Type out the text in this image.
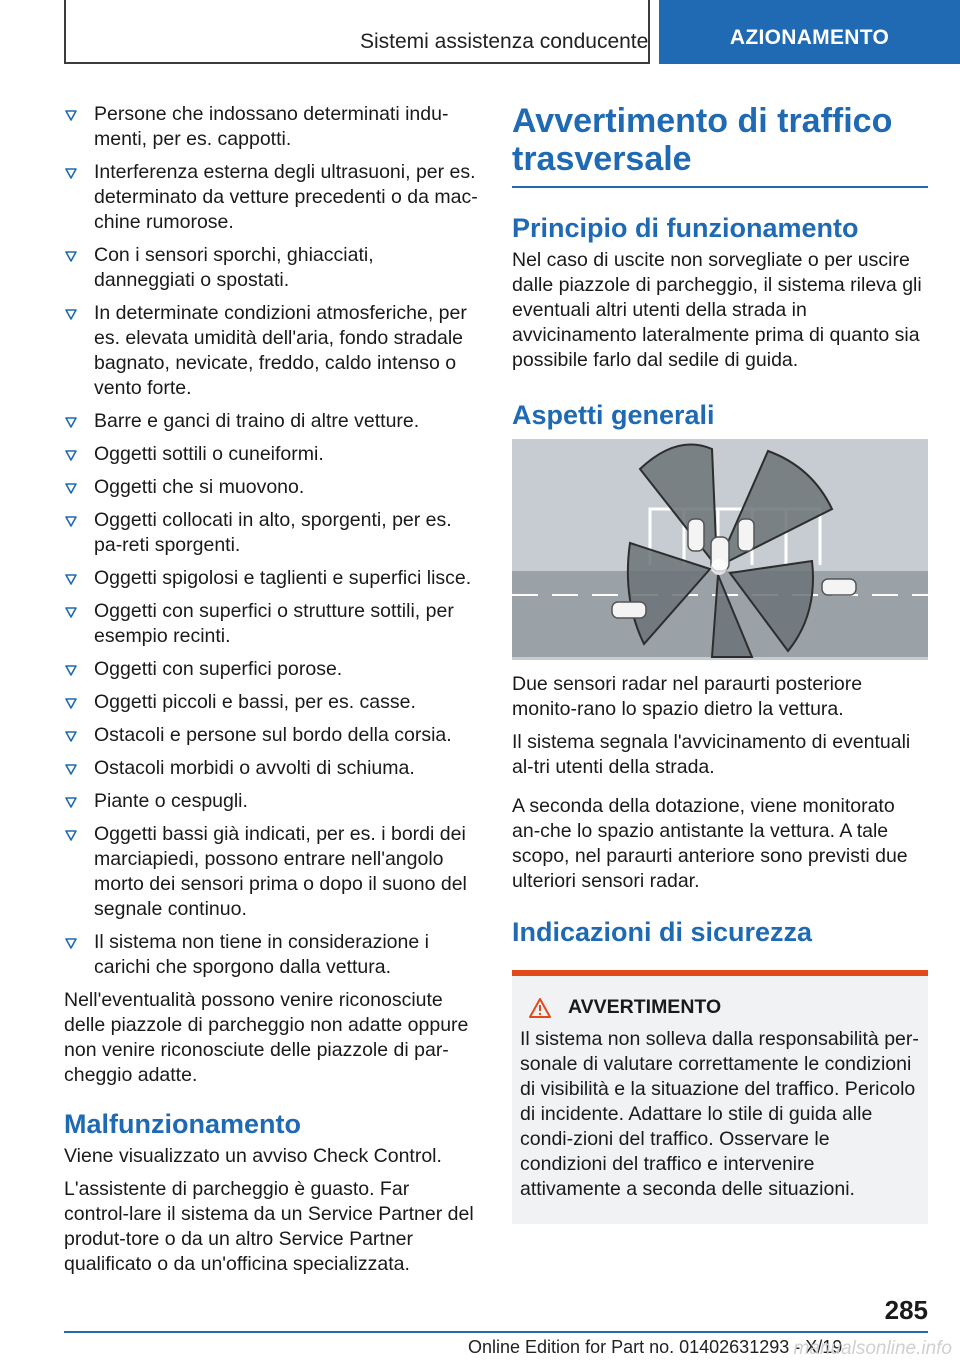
Sistemi assistenza conducente	AZIONAMENTO
Persone che indossano determinati indu-menti, per es. cappotti.
Interferenza esterna degli ultrasuoni, per es. determinato da vetture precedenti o da mac-chine rumorose.
Con i sensori sporchi, ghiacciati, danneggiati o spostati.
In determinate condizioni atmosferiche, per es. elevata umidità dell'aria, fondo stradale bagnato, nevicate, freddo, caldo intenso o vento forte.
Barre e ganci di traino di altre vetture.
Oggetti sottili o cuneiformi.
Oggetti che si muovono.
Oggetti collocati in alto, sporgenti, per es. pa-reti sporgenti.
Oggetti spigolosi e taglienti e superfici lisce.
Oggetti con superfici o strutture sottili, per esempio recinti.
Oggetti con superfici porose.
Oggetti piccoli e bassi, per es. casse.
Ostacoli e persone sul bordo della corsia.
Ostacoli morbidi o avvolti di schiuma.
Piante o cespugli.
Oggetti bassi già indicati, per es. i bordi dei marciapiedi, possono entrare nell'angolo morto dei sensori prima o dopo il suono del segnale continuo.
Il sistema non tiene in considerazione i carichi che sporgono dalla vettura.

Nell'eventualità possono venire riconosciute delle piazzole di parcheggio non adatte oppure non venire riconosciute delle piazzole di par-cheggio adatte.

Malfunzionamento

Viene visualizzato un avviso Check Control.

L'assistente di parcheggio è guasto. Far control-lare il sistema da un Service Partner del produt-tore o da un altro Service Partner qualificato o da un'officina specializzata.

Avvertimento di traffico trasversale
Principio di funzionamento

Nel caso di uscite non sorvegliate o per uscire dalle piazzole di parcheggio, il sistema rileva gli eventuali altri utenti della strada in avvicinamento lateralmente prima di quanto sia possibile farlo dal sedile di guida.

Aspetti generali

Due sensori radar nel paraurti posteriore monito-rano lo spazio dietro la vettura.

Il sistema segnala l'avvicinamento di eventuali al-tri utenti della strada.

A seconda della dotazione, viene monitorato an-che lo spazio antistante la vettura. A tale scopo, nel paraurti anteriore sono previsti due ulteriori sensori radar.

Indicazioni di sicurezza
AVVERTIMENTO

Il sistema non solleva dalla responsabilità per-sonale di valutare correttamente le condizioni di visibilità e la situazione del traffico. Pericolo di incidente. Adattare lo stile di guida alle condi-zioni del traffico. Osservare le condizioni del traffico e intervenire attivamente a seconda delle situazioni.

285
Online Edition for Part no. 01402631293 - X/19
manualsonline.info
